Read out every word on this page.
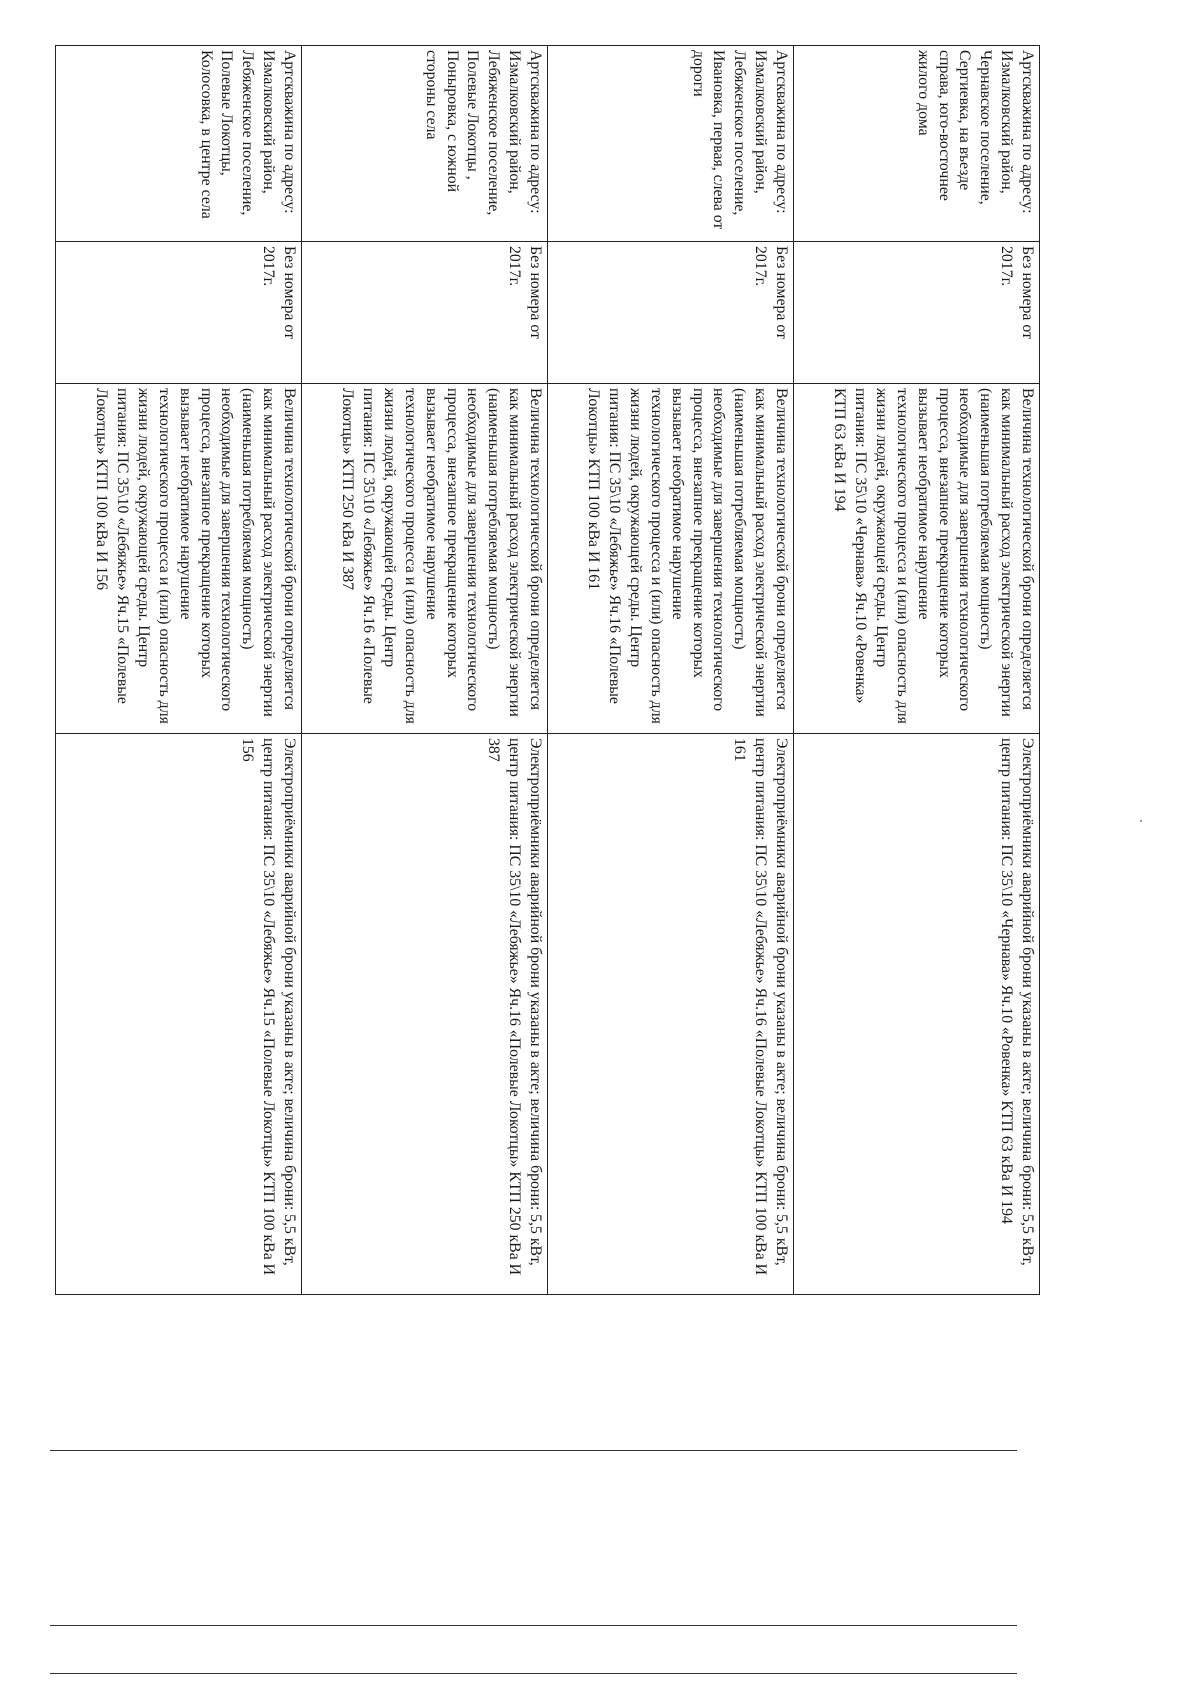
Артскважина по адресу: Измалковский район, Чернавское поселение, Сергиевка, на въезде справа, юго-восточнее жилого дома	Без номера от 2017г.	Величина технологической брони определяется как минимальный расход электрической энергии (наименьшая потребляемая мощность) необходимые для завершения технологического процесса, внезапное прекращение которых вызывает необратимое нарушение технологического процесса и (или) опасность для жизни людей, окружающей среды. Центр питания: ПС 35\10 «Чернава» Яч.10 «Ровенка» КТП 63 кВа И 194	Электроприёмники аварийной брони указаны в акте; величина брони: 5,5 кВт, центр питания: ПС 35\10 «Чернава» Яч.10 «Ровенка» КТП 63 кВа И 194
Артскважина по адресу: Измалковский район, Лебяженское поселение, Ивановка, первая, слева от дороги	Без номера от 2017г.	Величина технологической брони определяется как минимальный расход электрической энергии (наименьшая потребляемая мощность) необходимые для завершения технологического процесса, внезапное прекращение которых вызывает необратимое нарушение технологического процесса и (или) опасность для жизни людей, окружающей среды. Центр питания: ПС 35\10 «Лебяжье» Яч.16 «Полевые Локотцы» КТП 100 кВа И 161	Электроприёмники аварийной брони указаны в акте; величина брони: 5,5 кВт, центр питания: ПС 35\10 «Лебяжье» Яч.16 «Полевые Локотцы» КТП 100 кВа И 161
Артскважина по адресу: Измалковский район, Лебяженское поселение, Полевые Локотцы , Поныровка, с южной стороны села	Без номера от 2017г.	Величина технологической брони определяется как минимальный расход электрической энергии (наименьшая потребляемая мощность) необходимые для завершения технологического процесса, внезапное прекращение которых вызывает необратимое нарушение технологического процесса и (или) опасность для жизни людей, окружающей среды. Центр питания: ПС 35\10 «Лебяжье» Яч.16 «Полевые Локотцы» КТП 250 кВа И 387	Электроприёмники аварийной брони указаны в акте; величина брони: 5,5 кВт, центр питания: ПС 35\10 «Лебяжье» Яч.16 «Полевые Локотцы» КТП 250 кВа И 387
Артскважина по адресу: Измалковский район, Лебяженское поселение, Полевые Локотцы, Колосовка, в центре села	Без номера от 2017г.	Величина технологической брони определяется как минимальный расход электрической энергии (наименьшая потребляемая мощность) необходимые для завершения технологического процесса, внезапное прекращение которых вызывает необратимое нарушение технологического процесса и (или) опасность для жизни людей, окружающей среды. Центр питания: ПС 35\10 «Лебяжье» Яч.15 «Полевые Локотцы» КТП 100 кВа И 156	Электроприёмники аварийной брони указаны в акте; величина брони: 5,5 кВт, центр питания: ПС 35\10 «Лебяжье» Яч.15 «Полевые Локотцы» КТП 100 кВа И 156
